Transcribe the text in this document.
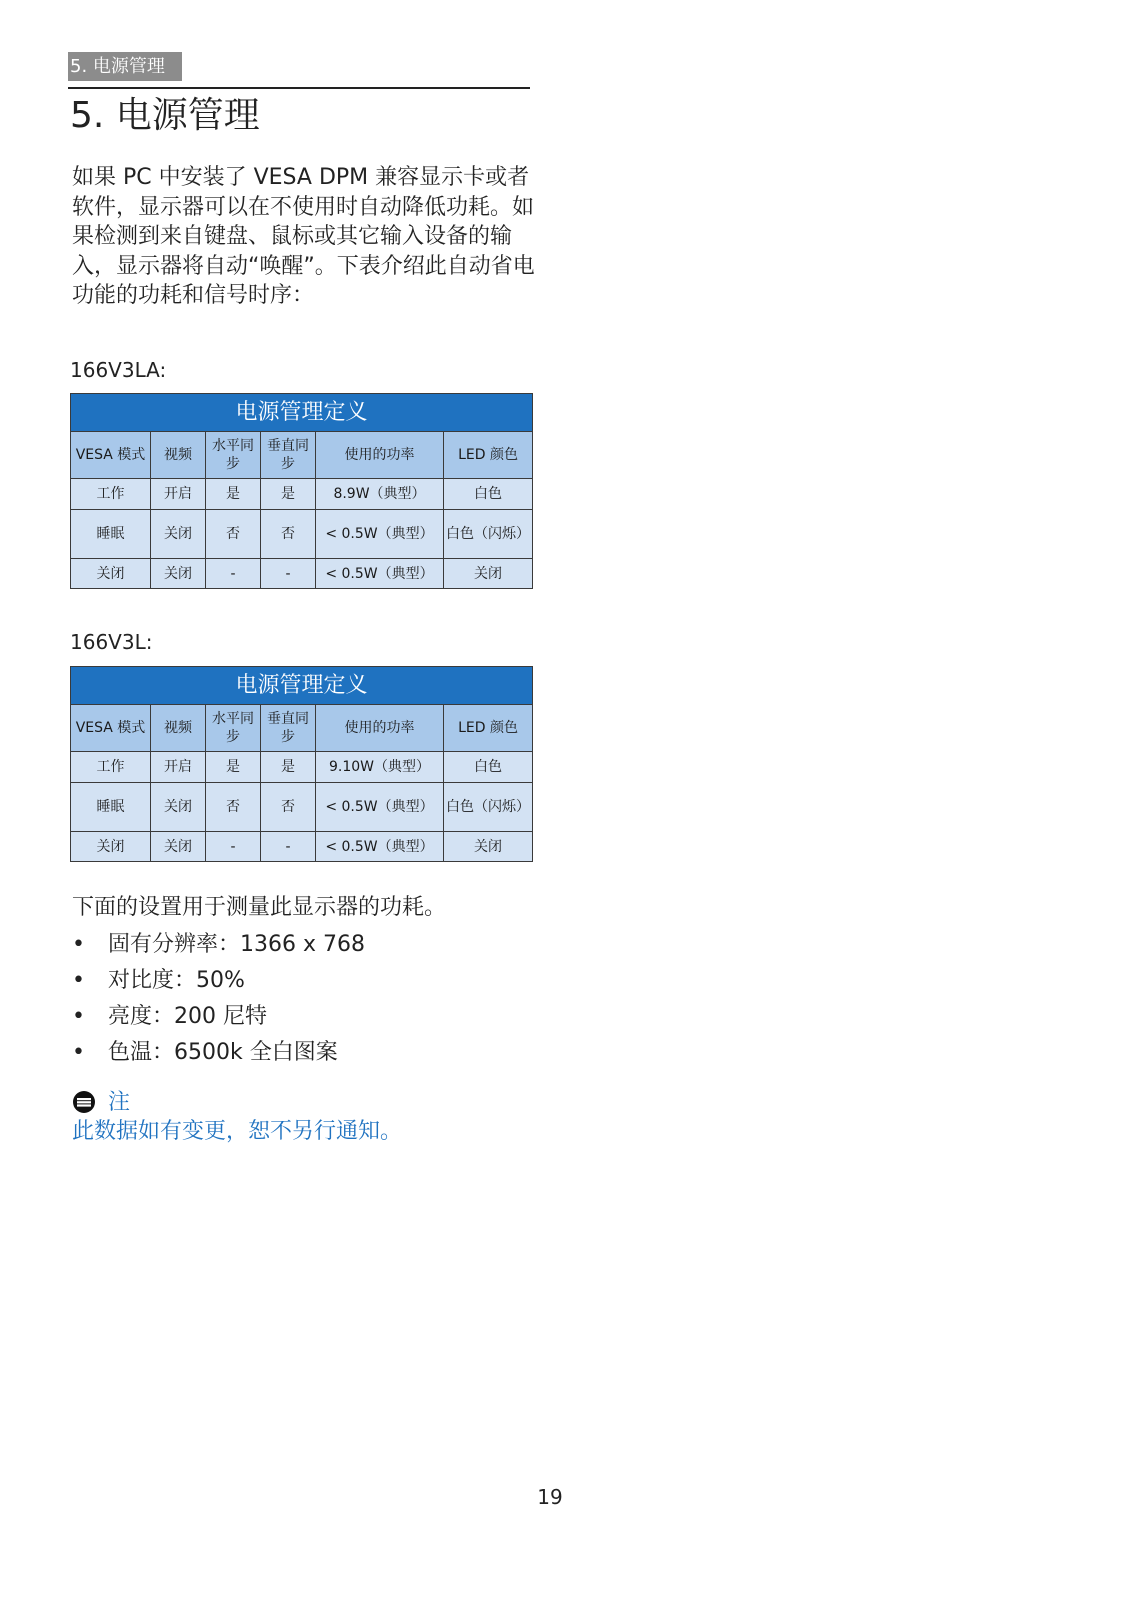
5. 电源管理
5. 电源管理

如果 PC 中安装了 VESA DPM 兼容显示卡或者软件，显示器可以在不使用时自动降低功耗。如果检测到来自键盘、鼠标或其它输入设备的输入，显示器将自动“唤醒”。下表介绍此自动省电功能的功耗和信号时序：

166V3LA:
电源管理定义					
VESA 模式	视频	水平同步	垂直同步	使用的功率	LED 颜色
工作	开启	是	是	8.9W（典型）	白色
睡眠	关闭	否	否	< 0.5W（典型）	白色（闪烁）
关闭	关闭	-	-	< 0.5W（典型）	关闭
166V3L:
电源管理定义					
VESA 模式	视频	水平同步	垂直同步	使用的功率	LED 颜色
工作	开启	是	是	9.10W（典型）	白色
睡眠	关闭	否	否	< 0.5W（典型）	白色（闪烁）
关闭	关闭	-	-	< 0.5W（典型）	关闭
下面的设置用于测量此显示器的功耗。
• 固有分辨率：1366 x 768
• 对比度：50%
• 亮度：200 尼特
• 色温：6500k 全白图案
注
此数据如有变更，恕不另行通知。
19
